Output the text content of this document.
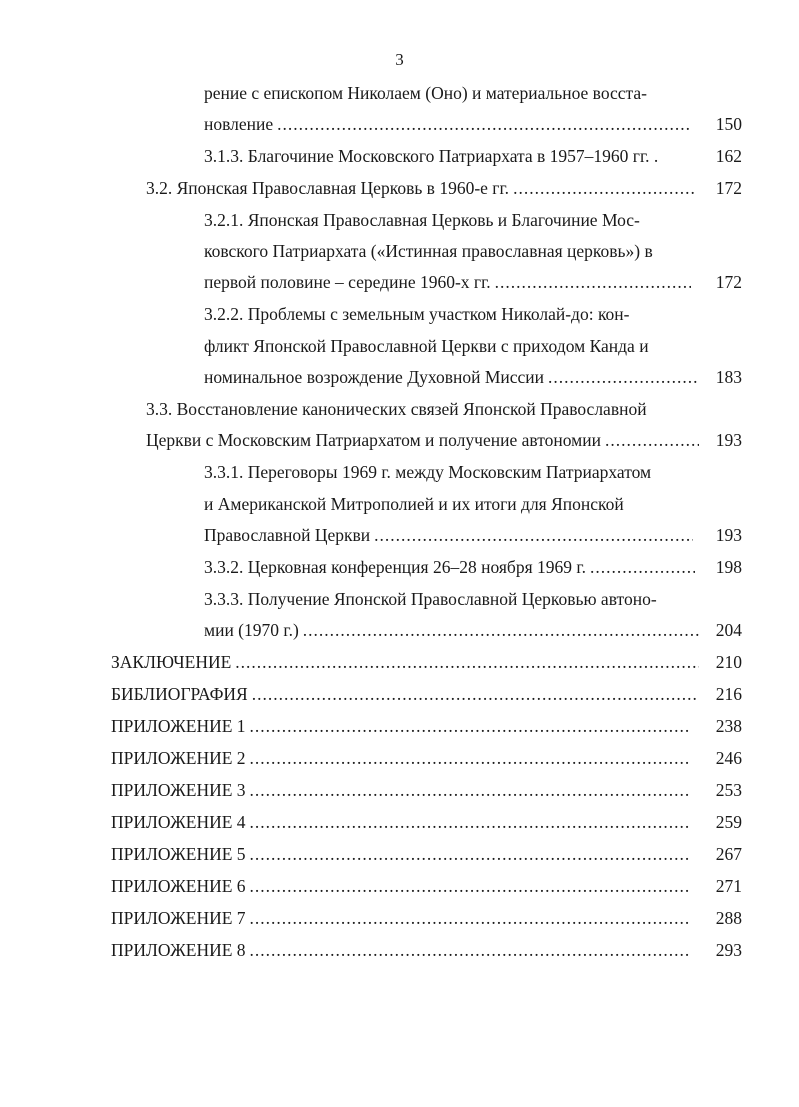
3
рение с епископом Николаем (Оно) и материальное восста-
новление .....	150
3.1.3. Благочиние Московского Патриархата в 1957–1960 гг. .	162
3.2. Японская Православная Церковь в 1960-е гг. .....	172
3.2.1. Японская Православная Церковь и Благочиние Мос-
ковского Патриархата («Истинная православная церковь») в
первой половине – середине 1960-х гг. .....	172
3.2.2. Проблемы с земельным участком Николай-до: кон-
фликт Японской Православной Церкви с приходом Канда и
номинальное возрождение Духовной Миссии .....	183
3.3. Восстановление канонических связей Японской Православной
Церкви с Московским Патриархатом и получение автономии .....	193
3.3.1. Переговоры 1969 г. между Московским Патриархатом
и Американской Митрополией и их итоги для Японской
Православной Церкви .....	193
3.3.2. Церковная конференция 26–28 ноября 1969 г. .....	198
3.3.3. Получение Японской Православной Церковью автоно-
мии (1970 г.) .....	204
ЗАКЛЮЧЕНИЕ .....	210
БИБЛИОГРАФИЯ .....	216
ПРИЛОЖЕНИЕ 1 .....	238
ПРИЛОЖЕНИЕ 2 .....	246
ПРИЛОЖЕНИЕ 3 .....	253
ПРИЛОЖЕНИЕ 4 .....	259
ПРИЛОЖЕНИЕ 5 .....	267
ПРИЛОЖЕНИЕ 6 .....	271
ПРИЛОЖЕНИЕ 7 .....	288
ПРИЛОЖЕНИЕ 8 .....	293
